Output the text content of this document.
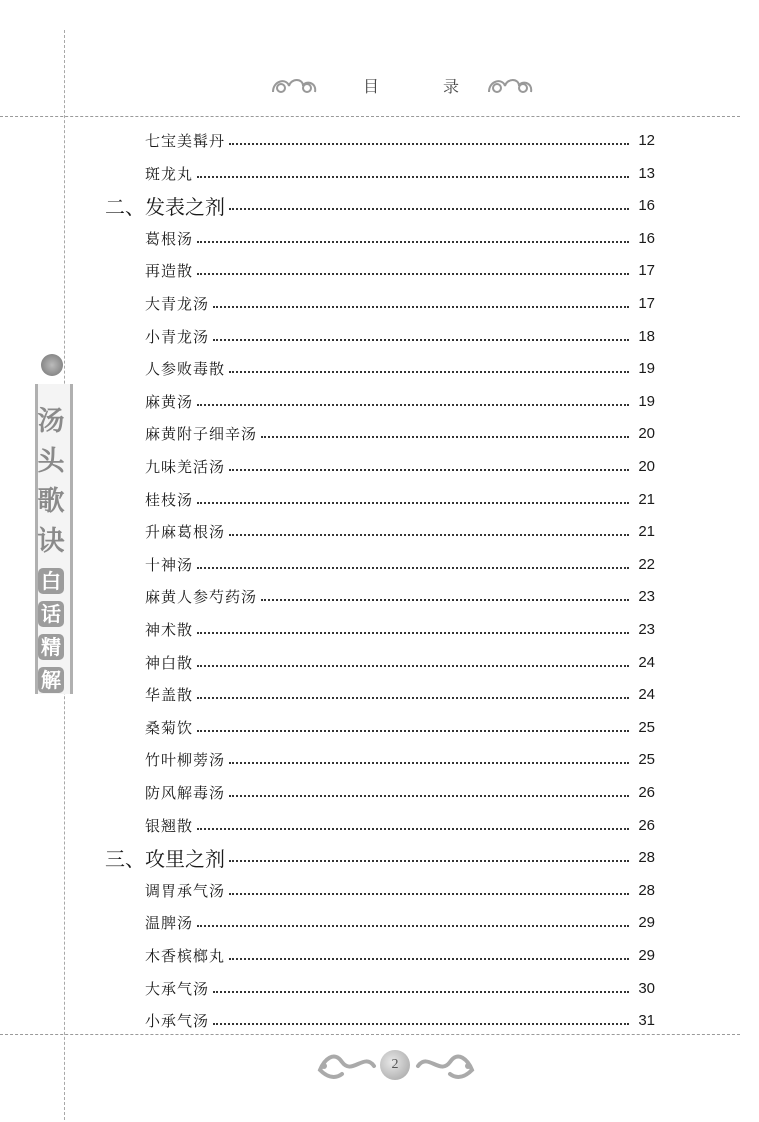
目	录
汤
头
歌
诀
白
话
精
解
七宝美髯丹	12
斑龙丸	13
二、发表之剂	16
葛根汤	16
再造散	17
大青龙汤	17
小青龙汤	18
人参败毒散	19
麻黄汤	19
麻黄附子细辛汤	20
九味羌活汤	20
桂枝汤	21
升麻葛根汤	21
十神汤	22
麻黄人参芍药汤	23
神术散	23
神白散	24
华盖散	24
桑菊饮	25
竹叶柳蒡汤	25
防风解毒汤	26
银翘散	26
三、攻里之剂	28
调胃承气汤	28
温脾汤	29
木香槟榔丸	29
大承气汤	30
小承气汤	31
2
